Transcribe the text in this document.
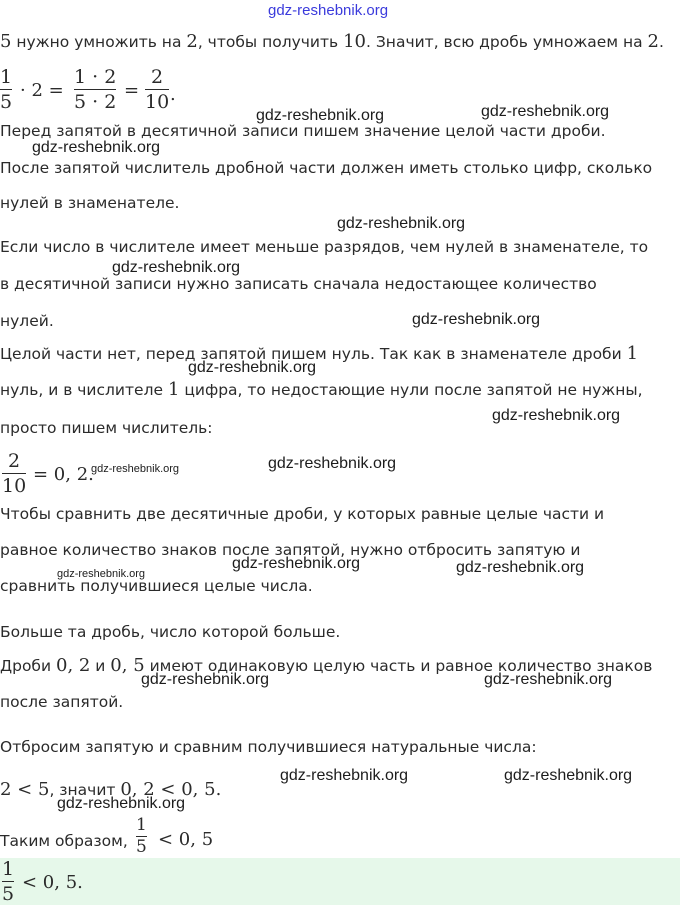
5 нужно умножить на 2, чтобы получить 10. Значит, всю дробь умножаем на 2.
1
5
· 2 =
1 · 2
5 · 2
=
2
10 .
Перед запятой в десятичной записи пишем значение целой части дроби.
После запятой числитель дробной части должен иметь столько цифр, сколько
нулей в знаменателе.
Если число в числителе имеет меньше разрядов, чем нулей в знаменателе, то
в десятичной записи нужно записать сначала недостающее количество
нулей.
Целой части нет, перед запятой пишем нуль. Так как в знаменателе дроби 1
нуль, и в числителе 1 цифра, то недостающие нули после запятой не нужны,
просто пишем числитель:
2
10
= 0, 2.
Чтобы сравнить две десятичные дроби, у которых равные целые части и
равное количество знаков после запятой, нужно отбросить запятую и
сравнить получившиеся целые числа.
Больше та дробь, число которой больше.
Дроби 0, 2 и 0, 5 имеют одинаковую целую часть и равное количество знаков
после запятой.
Отбросим запятую и сравним получившиеся натуральные числа:
2 < 5, значит 0, 2 < 0, 5.
Таким образом,
1
5 < 0, 5
1
5
< 0, 5.
gdz-reshebnik.org
gdz-reshebnik.org	gdz-reshebnik.org
gdz-reshebnik.org
gdz-reshebnik.org
gdz-reshebnik.org
gdz-reshebnik.org
gdz-reshebnik.org
gdz-reshebnik.org
gdz-reshebnik.org	gdz-reshebnik.org
gdz-reshebnik.org
gdz-reshebnik.org	gdz-reshebnik.org
gdz-reshebnik.org	gdz-reshebnik.org
gdz-reshebnik.org	gdz-reshebnik.org
gdz-reshebnik.org
